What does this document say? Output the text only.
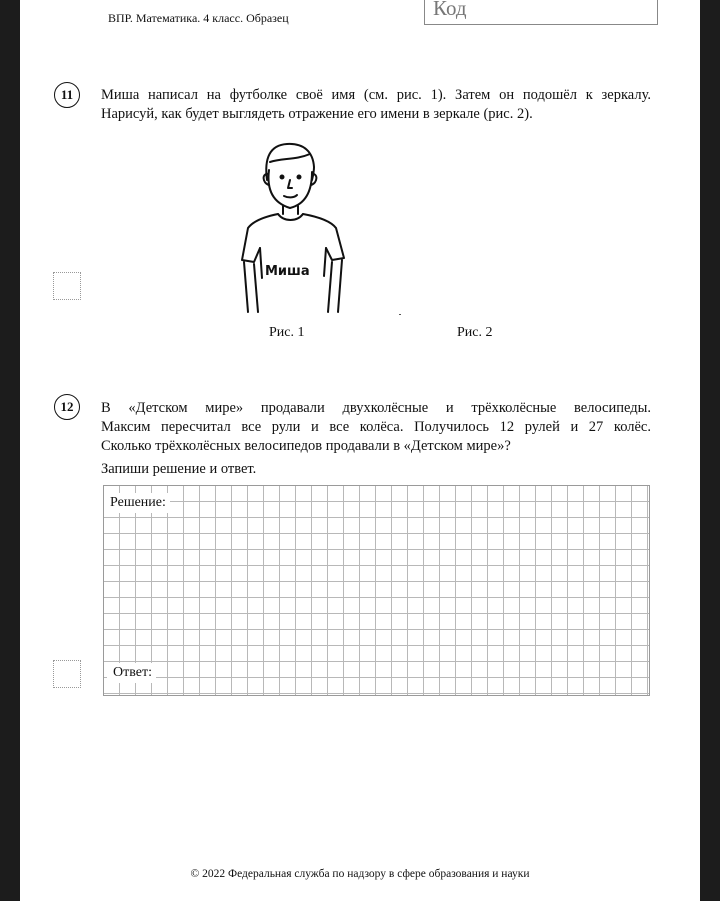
ВПР. Математика. 4 класс. Образец	Код
11	Миша написал на футболке своё имя (см. рис. 1). Затем он подошёл к зеркалу.
Нарисуй, как будет выглядеть отражение его имени в зеркале (рис. 2).
Миша
Рис. 1	Рис. 2
12	В «Детском мире» продавали двухколёсные и трёхколёсные велосипеды.
Максим пересчитал все рули и все колёса. Получилось 12 рулей и 27 колёс.
Сколько трёхколёсных велосипедов продавали в «Детском мире»?
Запиши решение и ответ.
Решение:
Ответ:
© 2022 Федеральная служба по надзору в сфере образования и науки
